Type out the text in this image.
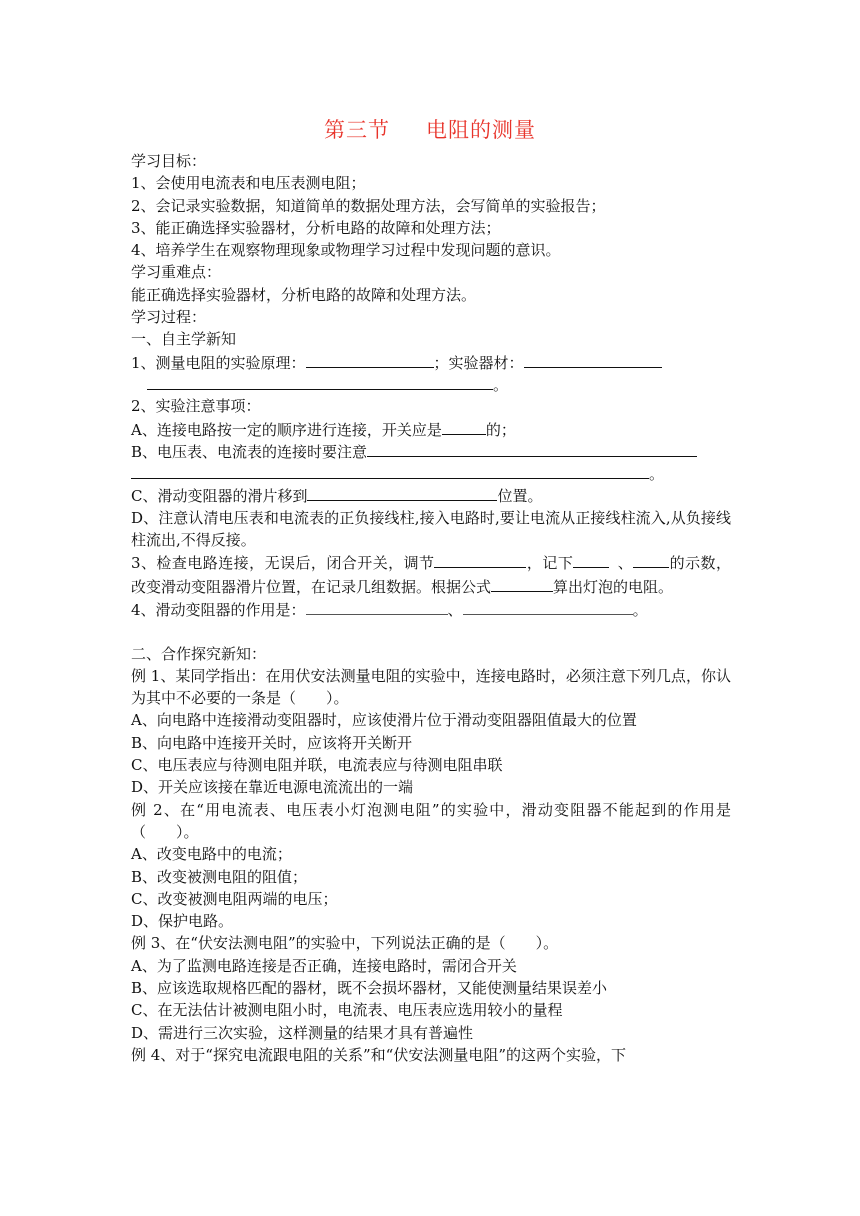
第三节 电阻的测量
学习目标：
1、会使用电流表和电压表测电阻；
2、会记录实验数据，知道简单的数据处理方法，会写简单的实验报告；
3、能正确选择实验器材，分析电路的故障和处理方法；
4、培养学生在观察物理现象或物理学习过程中发现问题的意识。
学习重难点：
能正确选择实验器材，分析电路的故障和处理方法。
学习过程：
一、自主学新知
1、测量电阻的实验原理：	；实验器材：
。
2、实验注意事项：
A、连接电路按一定的顺序进行连接，开关应是	的；
B、电压表、电流表的连接时要注意
。
C、滑动变阻器的滑片移到	位置。
D、注意认清电压表和电流表的正负接线柱,接入电路时,要让电流从正接线柱流入,从负接线柱流出,不得反接。
3、检查电路连接，无误后，闭合开关，调节	，记下	、 的示数，改变滑动变阻器滑片位置，在记录几组数据。根据公式	算出灯泡的电阻。
4、滑动变阻器的作用是：	、	。
二、合作探究新知：
例 1、某同学指出：在用伏安法测量电阻的实验中，连接电路时，必须注意下列几点，你认为其中不必要的一条是（　　）。
A、向电路中连接滑动变阻器时，应该使滑片位于滑动变阻器阻值最大的位置
B、向电路中连接开关时，应该将开关断开
C、电压表应与待测电阻并联，电流表应与待测电阻串联
D、开关应该接在靠近电源电流流出的一端
例 2、在“用电流表、电压表小灯泡测电阻”的实验中，滑动变阻器不能起到的作用是（　　）。
A、改变电路中的电流；
B、改变被测电阻的阻值；
C、改变被测电阻两端的电压；
D、保护电路。
例 3、在“伏安法测电阻”的实验中，下列说法正确的是（　　）。
A、为了监测电路连接是否正确，连接电路时，需闭合开关
B、应该选取规格匹配的器材，既不会损坏器材，又能使测量结果误差小
C、在无法估计被测电阻小时，电流表、电压表应选用较小的量程
D、需进行三次实验，这样测量的结果才具有普遍性
例 4、对于“探究电流跟电阻的关系”和“伏安法测量电阻”的这两个实验，下
